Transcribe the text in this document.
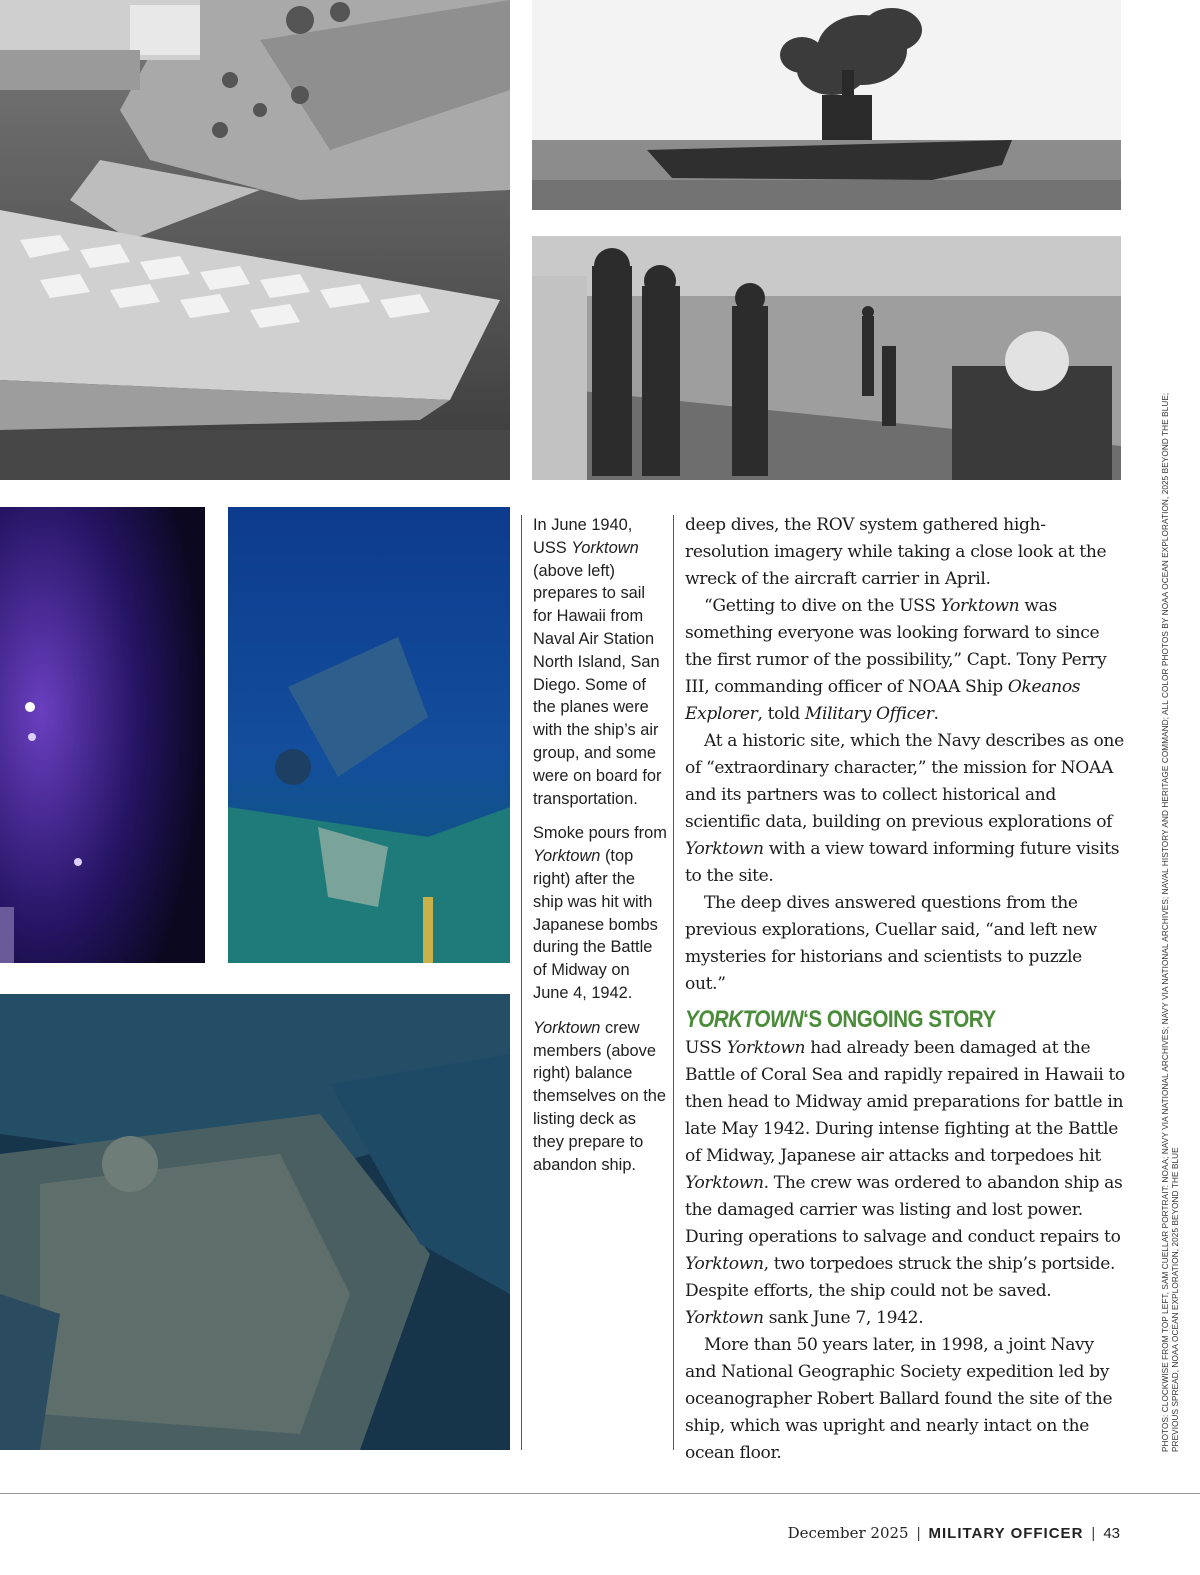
In June 1940, USS Yorktown (above left) prepares to sail for Hawaii from Naval Air Station North Island, San Diego. Some of the planes were with the ship’s air group, and some were on board for transportation.

Smoke pours from Yorktown (top right) after the ship was hit with Japanese bombs during the Battle of Midway on June 4, 1942.

Yorktown crew members (above right) balance themselves on the listing deck as they prepare to abandon ship.

deep dives, the ROV system gathered high-resolution imagery while taking a close look at the wreck of the aircraft carrier in April.

“Getting to dive on the USS Yorktown was something everyone was looking forward to since the first rumor of the possibility,” Capt. Tony Perry III, commanding officer of NOAA Ship Okeanos Explorer, told Military Officer.

At a historic site, which the Navy describes as one of “extraordinary character,” the mission for NOAA and its partners was to collect historical and scientific data, building on previous explorations of Yorktown with a view toward informing future visits to the site.

The deep dives answered questions from the previous explorations, Cuellar said, “and left new mysteries for historians and scientists to puzzle out.”

YORKTOWN‘S ONGOING STORY

USS Yorktown had already been damaged at the Battle of Coral Sea and rapidly repaired in Hawaii to then head to Midway amid preparations for battle in late May 1942. During intense fighting at the Battle of Midway, Japanese air attacks and torpedoes hit Yorktown. The crew was ordered to abandon ship as the damaged carrier was listing and lost power. During operations to salvage and conduct repairs to Yorktown, two torpedoes struck the ship’s portside. Despite efforts, the ship could not be saved. Yorktown sank June 7, 1942.

More than 50 years later, in 1998, a joint Navy and National Geographic Society expedition led by oceanographer Robert Ballard found the site of the ship, which was upright and nearly intact on the ocean floor.

PHOTOS: CLOCKWISE FROM TOP LEFT, SAM CUELLAR PORTRAIT: NOAA; NAVY VIA NATIONAL ARCHIVES; NAVY VIA NATIONAL ARCHIVES; NAVAL HISTORY AND HERITAGE COMMAND; ALL COLOR PHOTOS BY NOAA OCEAN EXPLORATION, 2025 BEYOND THE BLUE; PREVIOUS SPREAD, NOAA OCEAN EXPLORATION, 2025 BEYOND THE BLUE
December 2025 | MILITARY OFFICER | 43
